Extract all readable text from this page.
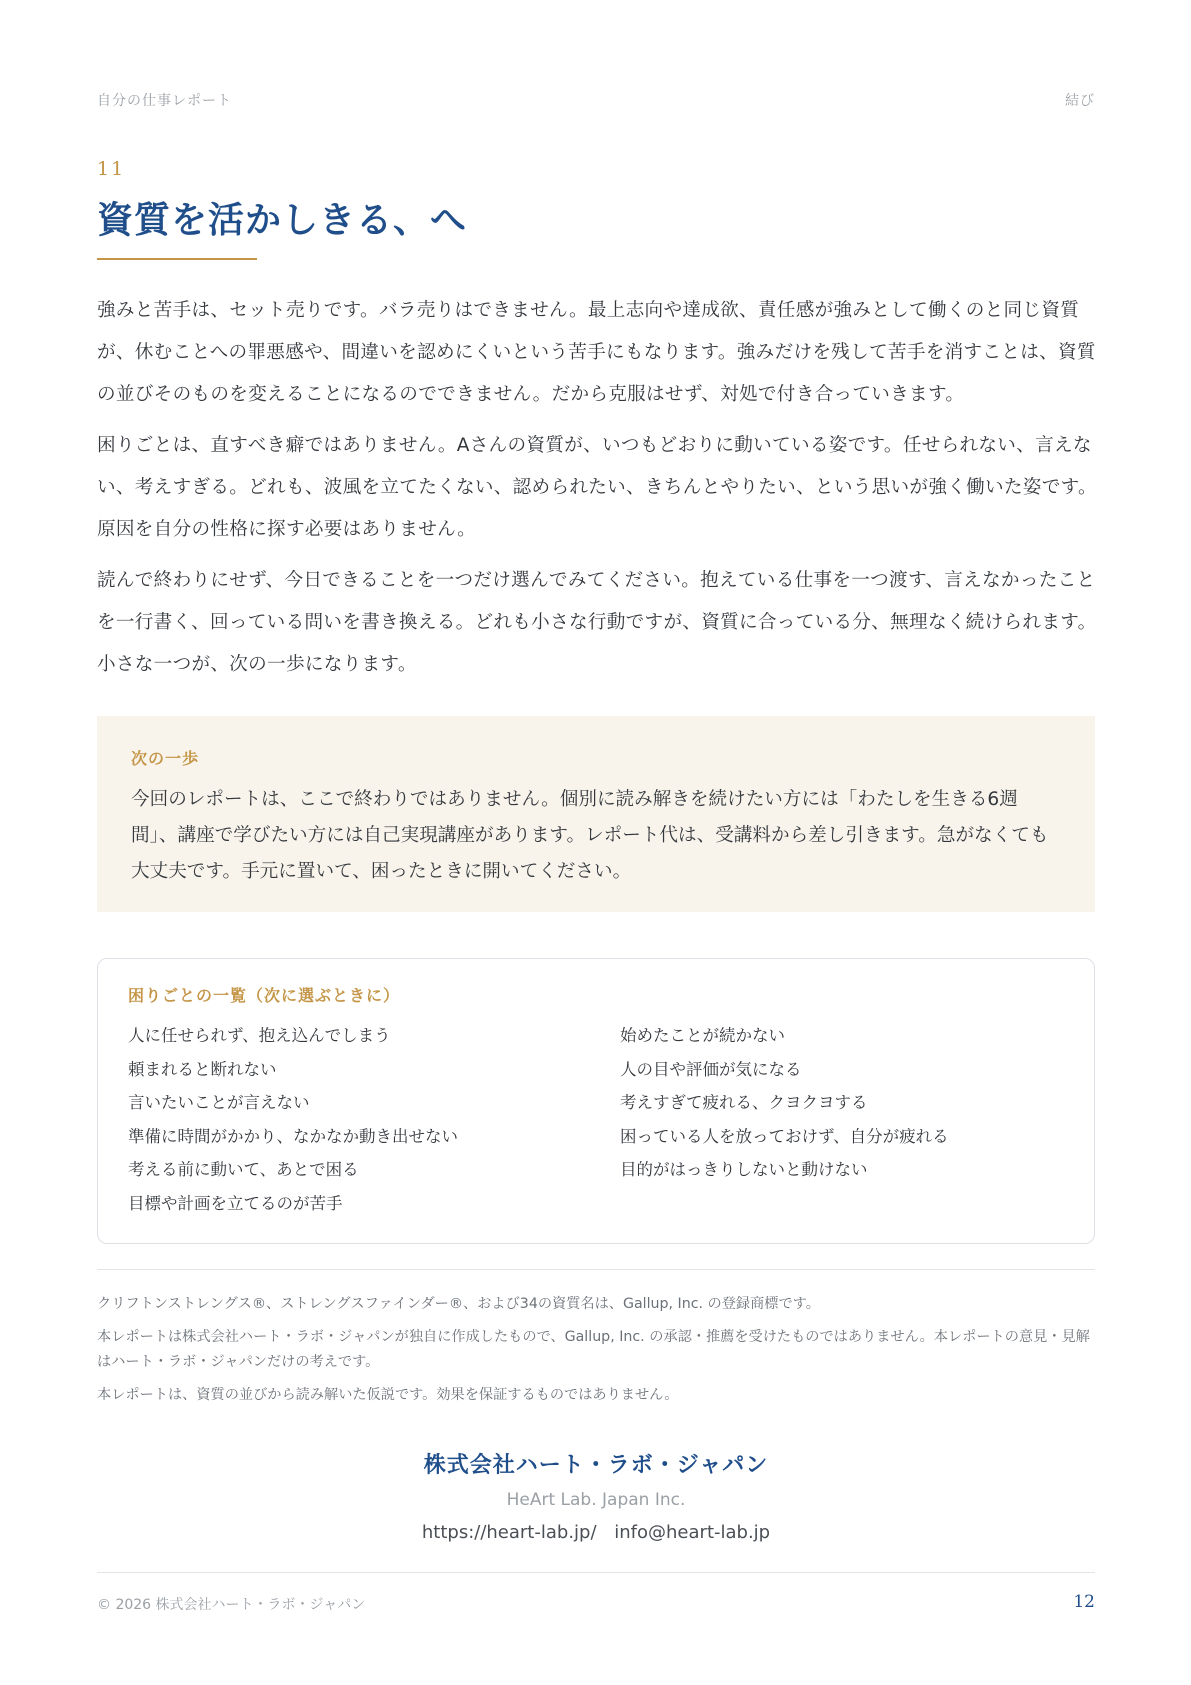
自分の仕事レポート	結び
11
資質を活かしきる、へ

強みと苦手は、セット売りです。バラ売りはできません。最上志向や達成欲、責任感が強みとして働くのと同じ資質が、休むことへの罪悪感や、間違いを認めにくいという苦手にもなります。強みだけを残して苦手を消すことは、資質の並びそのものを変えることになるのでできません。だから克服はせず、対処で付き合っていきます。

困りごとは、直すべき癖ではありません。Aさんの資質が、いつもどおりに動いている姿です。任せられない、言えない、考えすぎる。どれも、波風を立てたくない、認められたい、きちんとやりたい、という思いが強く働いた姿です。原因を自分の性格に探す必要はありません。

読んで終わりにせず、今日できることを一つだけ選んでみてください。抱えている仕事を一つ渡す、言えなかったことを一行書く、回っている問いを書き換える。どれも小さな行動ですが、資質に合っている分、無理なく続けられます。小さな一つが、次の一歩になります。

次の一歩

今回のレポートは、ここで終わりではありません。個別に読み解きを続けたい方には「わたしを生きる6週間」、講座で学びたい方には自己実現講座があります。レポート代は、受講料から差し引きます。急がなくても大丈夫です。手元に置いて、困ったときに開いてください。

困りごとの一覧（次に選ぶときに）
人に任せられず、抱え込んでしまう
頼まれると断れない
言いたいことが言えない
準備に時間がかかり、なかなか動き出せない
考える前に動いて、あとで困る
目標や計画を立てるのが苦手
始めたことが続かない
人の目や評価が気になる
考えすぎて疲れる、クヨクヨする
困っている人を放っておけず、自分が疲れる
目的がはっきりしないと動けない

クリフトンストレングス®、ストレングスファインダー®、および34の資質名は、Gallup, Inc. の登録商標です。

本レポートは株式会社ハート・ラボ・ジャパンが独自に作成したもので、Gallup, Inc. の承認・推薦を受けたものではありません。本レポートの意見・見解はハート・ラボ・ジャパンだけの考えです。

本レポートは、資質の並びから読み解いた仮説です。効果を保証するものではありません。

株式会社ハート・ラボ・ジャパン
HeArt Lab. Japan Inc.
https://heart-lab.jp/ info@heart-lab.jp
© 2026 株式会社ハート・ラボ・ジャパン	12
